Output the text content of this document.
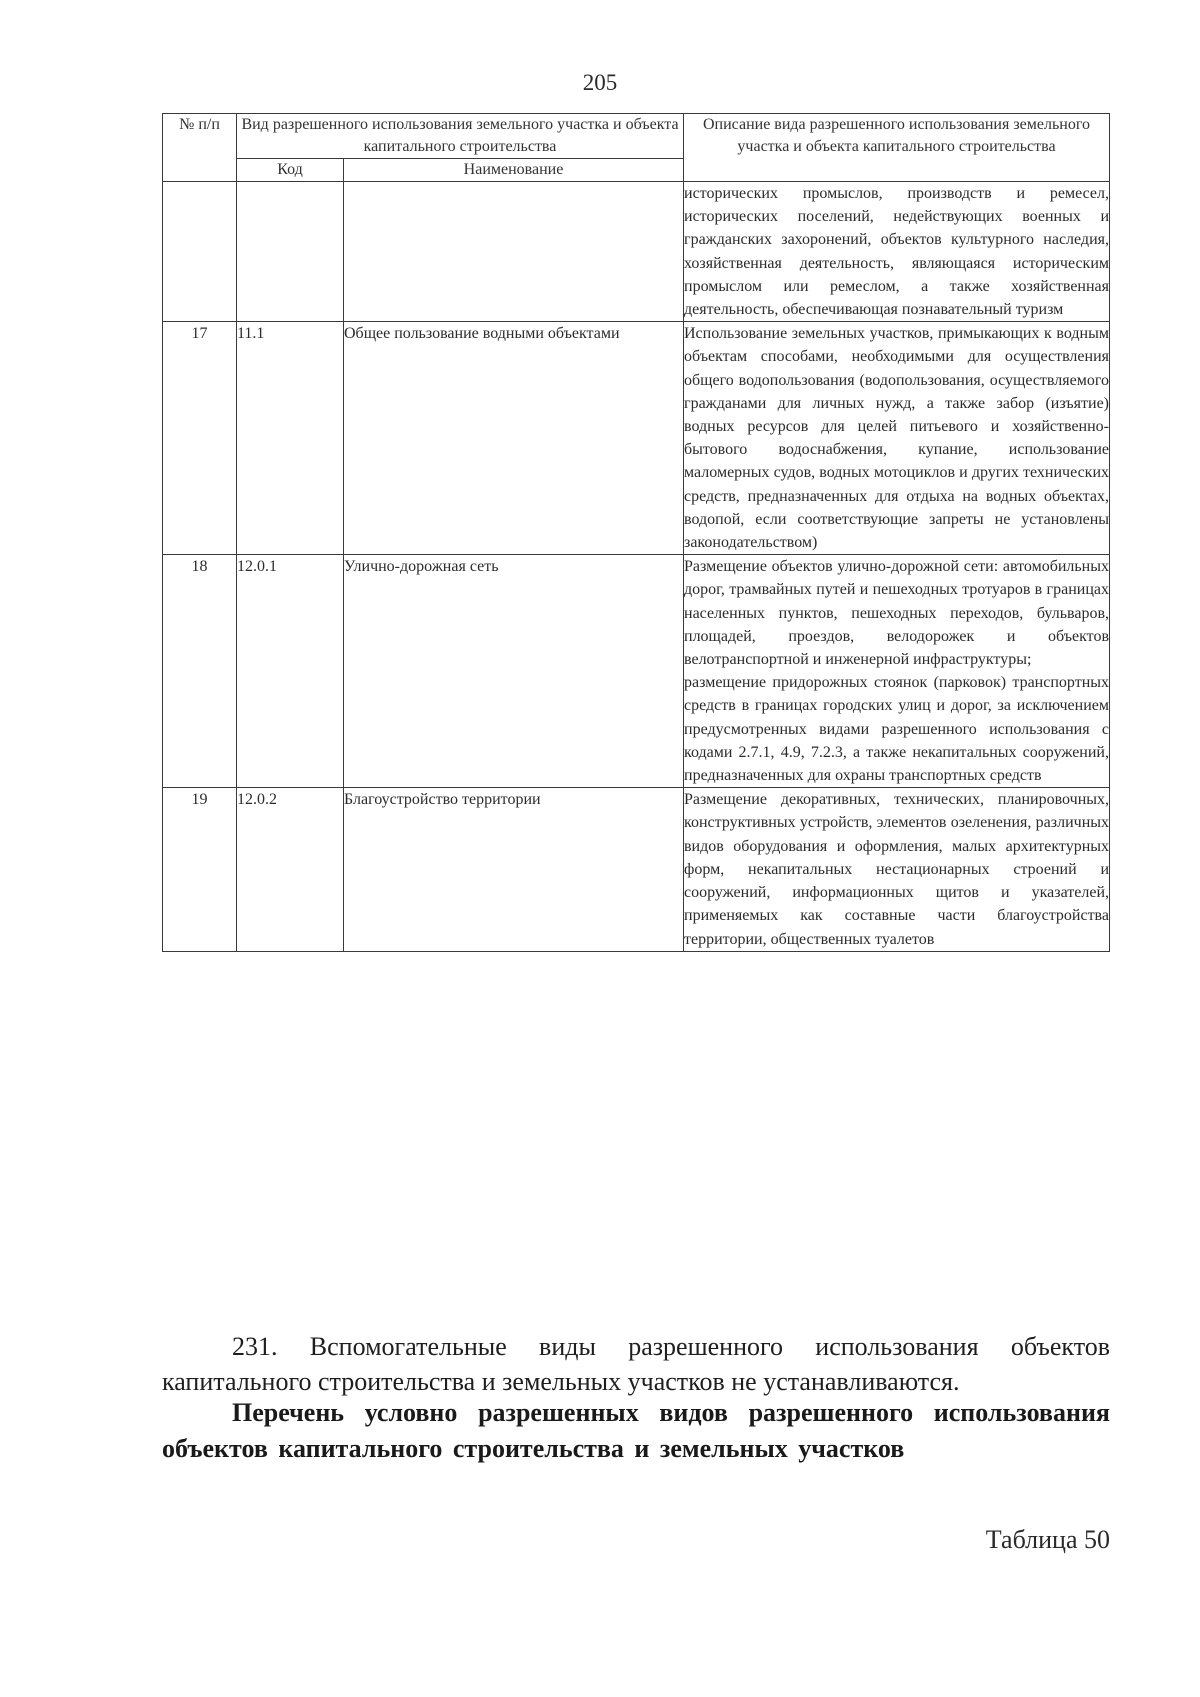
205
№ п/п	Вид разрешенного использования земельного участка и объекта капитального строительства		Описание вида разрешенного использования земельного участка и объекта капитального строительства
	Код	Наименование	
			исторических промыслов, производств и ремесел, исторических поселений, недействующих военных и гражданских захоронений, объектов культурного наследия, хозяйственная деятельность, являющаяся историческим промыслом или ремеслом, а также хозяйственная деятельность, обеспечивающая познавательный туризм
17	11.1	Общее пользование водными объектами	Использование земельных участков, примыкающих к водным объектам способами, необходимыми для осуществления общего водопользования (водопользования, осуществляемого гражданами для личных нужд, а также забор (изъятие) водных ресурсов для целей питьевого и хозяйственно-бытового водоснабжения, купание, использование маломерных судов, водных мотоциклов и других технических средств, предназначенных для отдыха на водных объектах, водопой, если соответствующие запреты не установлены законодательством)
18	12.0.1	Улично-дорожная сеть	Размещение объектов улично-дорожной сети: автомобильных дорог, трамвайных путей и пешеходных тротуаров в границах населенных пунктов, пешеходных переходов, бульваров, площадей, проездов, велодорожек и объектов велотранспортной и инженерной инфраструктуры;
размещение придорожных стоянок (парковок) транспортных средств в границах городских улиц и дорог, за исключением предусмотренных видами разрешенного использования с кодами 2.7.1, 4.9, 7.2.3, а также некапитальных сооружений, предназначенных для охраны транспортных средств

19	12.0.2	Благоустройство территории	Размещение декоративных, технических, планировочных, конструктивных устройств, элементов озеленения, различных видов оборудования и оформления, малых архитектурных форм, некапитальных нестационарных строений и сооружений, информационных щитов и указателей, применяемых как составные части благоустройства территории, общественных туалетов

231. Вспомогательные виды разрешенного использования объектов капитального строительства и земельных участков не устанавливаются.

Перечень условно разрешенных видов разрешенного использования объектов капитального строительства и земельных участков
Таблица 50
